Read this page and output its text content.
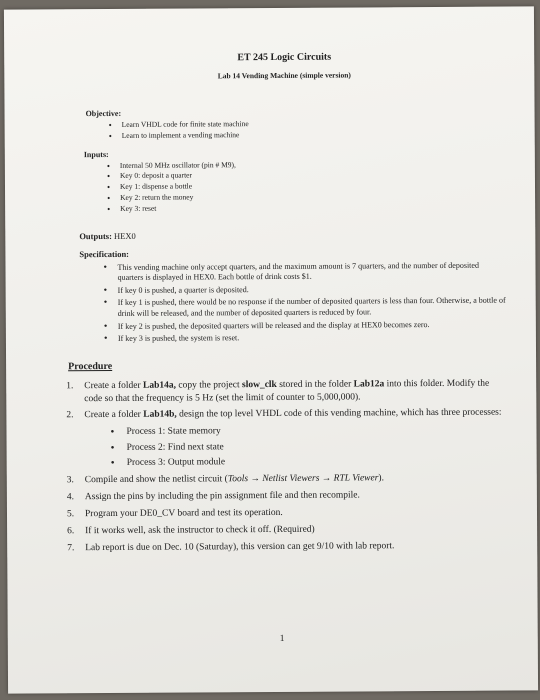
ET 245 Logic Circuits

Lab 14 Vending Machine (simple version)

Objective:

• Learn VHDL code for finite state machine
• Learn to implement a vending machine

Inputs:

• Internal 50 MHz oscillator (pin # M9),
• Key 0: deposit a quarter
• Key 1: dispense a bottle
• Key 2: return the money
• Key 3: reset

Outputs: HEX0

Specification:

• This vending machine only accept quarters, and the maximum amount is 7 quarters, and the number of deposited quarters is displayed in HEX0. Each bottle of drink costs $1.
• If key 0 is pushed, a quarter is deposited.
• If key 1 is pushed, there would be no response if the number of deposited quarters is less than four. Otherwise, a bottle of drink will be released, and the number of deposited quarters is reduced by four.
• If key 2 is pushed, the deposited quarters will be released and the display at HEX0 becomes zero.
• If key 3 is pushed, the system is reset.

Procedure

1. Create a folder Lab14a, copy the project slow_clk stored in the folder Lab12a into this folder. Modify the code so that the frequency is 5 Hz (set the limit of counter to 5,000,000).
2. Create a folder Lab14b, design the top level VHDL code of this vending machine, which has three processes:
• Process 1: State memory
• Process 2: Find next state
• Process 3: Output module
3. Compile and show the netlist circuit (Tools → Netlist Viewers → RTL Viewer).
4. Assign the pins by including the pin assignment file and then recompile.
5. Program your DE0_CV board and test its operation.
6. If it works well, ask the instructor to check it off. (Required)
7. Lab report is due on Dec. 10 (Saturday), this version can get 9/10 with lab report.
1
